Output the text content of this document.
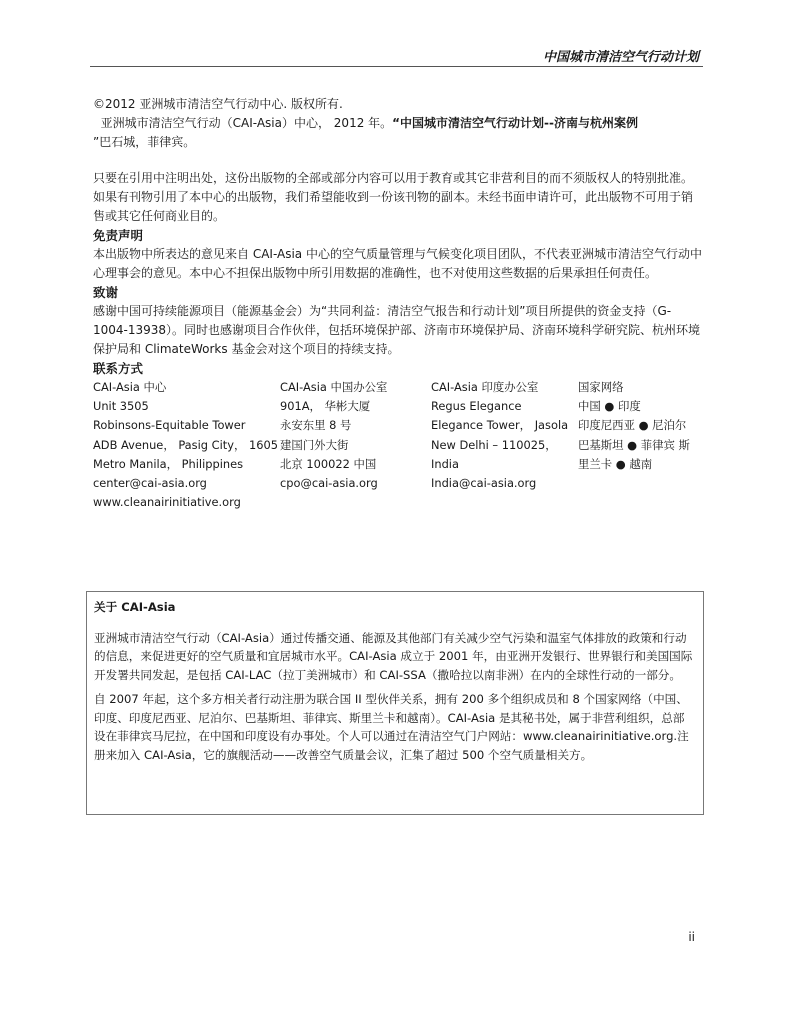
中国城市清洁空气行动计划

©2012 亚洲城市清洁空气行动中心. 版权所有.

亚洲城市清洁空气行动（CAI-Asia）中心， 2012 年。“中国城市清洁空气行动计划--济南与杭州案例

”巴石城，菲律宾。

只要在引用中注明出处，这份出版物的全部或部分内容可以用于教育或其它非营利目的而不须版权人的特别批准。如果有刊物引用了本中心的出版物，我们希望能收到一份该刊物的副本。未经书面申请许可，此出版物不可用于销售或其它任何商业目的。

免责声明

本出版物中所表达的意见来自 CAI-Asia 中心的空气质量管理与气候变化项目团队，不代表亚洲城市清洁空气行动中心理事会的意见。本中心不担保出版物中所引用数据的准确性，也不对使用这些数据的后果承担任何责任。

致谢

感谢中国可持续能源项目（能源基金会）为“共同利益：清洁空气报告和行动计划”项目所提供的资金支持（G-1004-13938）。同时也感谢项目合作伙伴，包括环境保护部、济南市环境保护局、济南环境科学研究院、杭州环境保护局和 ClimateWorks 基金会对这个项目的持续支持。

联系方式
CAI-Asia 中心
Unit 3505
Robinsons-Equitable Tower
ADB Avenue， Pasig City， 1605
Metro Manila， Philippines
center@cai-asia.org
www.cleanairinitiative.org
CAI-Asia 中国办公室
901A， 华彬大厦
永安东里 8 号
建国门外大街
北京 100022 中国
cpo@cai-asia.org
CAI-Asia 印度办公室
Regus Elegance
Elegance Tower， Jasola
New Delhi – 110025，
India
India@cai-asia.org
国家网络
中国 ● 印度
印度尼西亚 ● 尼泊尔
巴基斯坦 ● 菲律宾 斯
里兰卡 ● 越南

关于 CAI-Asia

亚洲城市清洁空气行动（CAI-Asia）通过传播交通、能源及其他部门有关减少空气污染和温室气体排放的政策和行动的信息，来促进更好的空气质量和宜居城市水平。CAI-Asia 成立于 2001 年，由亚洲开发银行、世界银行和美国国际开发署共同发起，是包括 CAI-LAC（拉丁美洲城市）和 CAI-SSA（撒哈拉以南非洲）在内的全球性行动的一部分。

自 2007 年起，这个多方相关者行动注册为联合国 II 型伙伴关系，拥有 200 多个组织成员和 8 个国家网络（中国、印度、印度尼西亚、尼泊尔、巴基斯坦、菲律宾、斯里兰卡和越南）。CAI-Asia 是其秘书处，属于非营利组织，总部设在菲律宾马尼拉，在中国和印度设有办事处。个人可以通过在清洁空气门户网站：www.cleanairinitiative.org.注册来加入 CAI-Asia，它的旗舰活动——改善空气质量会议，汇集了超过 500 个空气质量相关方。

ii
